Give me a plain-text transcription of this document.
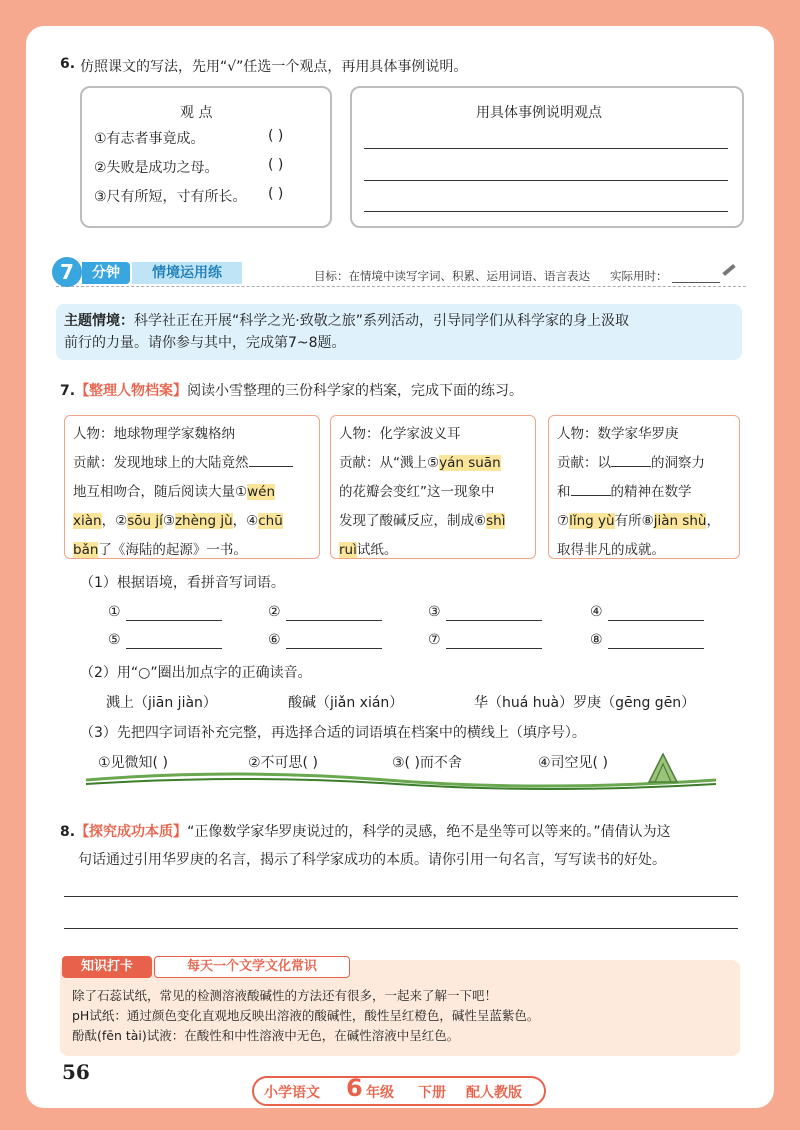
6. 仿照课文的写法，先用“√”任选一个观点，再用具体事例说明。
观 点
①有志者事竟成。	( )
②失败是成功之母。	( )
③尺有所短，寸有所长。 ( )
用具体事例说明观点
7	分钟	情境运用练	目标：在情境中读写字词、积累、运用词语、语言表达 实际用时：
主题情境：科学社正在开展“科学之光·致敬之旅”系列活动，引导同学们从科学家的身上汲取
前行的力量。请你参与其中，完成第7~8题。
7.【整理人物档案】阅读小雪整理的三份科学家的档案，完成下面的练习。
人物：地球物理学家魏格纳
贡献：发现地球上的大陆竟然
地互相吻合，随后阅读大量①wén
xiàn，②sōu jí③zhèng jù，④chū
bǎn了《海陆的起源》一书。
人物：化学家波义耳
贡献：从“溅上⑤yán suān
的花瓣会变红”这一现象中
发现了酸碱反应，制成⑥shì
ruì试纸。
人物：数学家华罗庚
贡献：以	的洞察力
和	的精神在数学
⑦lǐng yù有所⑧jiàn shù，
取得非凡的成就。
（1）根据语境，看拼音写词语。
①	②	③	④
⑤	⑥	⑦	⑧
（2）用“○”圈出加点字的正确读音。
溅上（jiān jiàn）	酸碱（jiǎn xián）	华（huá huà）罗庚（gēng gēn）
（3）先把四字词语补充完整，再选择合适的词语填在档案中的横线上（填序号）。
①见微知( )	②不可思( )	③( )而不舍	④司空见( )
8.【探究成功本质】“正像数学家华罗庚说过的，科学的灵感，绝不是坐等可以等来的。”倩倩认为这
句话通过引用华罗庚的名言，揭示了科学家成功的本质。请你引用一句名言，写写读书的好处。
知识打卡	每天一个文学文化常识
除了石蕊试纸，常见的检测溶液酸碱性的方法还有很多，一起来了解一下吧！
pH试纸：通过颜色变化直观地反映出溶液的酸碱性，酸性呈红橙色，碱性呈蓝紫色。
酚酞(fēn tài)试液：在酸性和中性溶液中无色，在碱性溶液中呈红色。
56
小学语文 6 年级 下册 配人教版
